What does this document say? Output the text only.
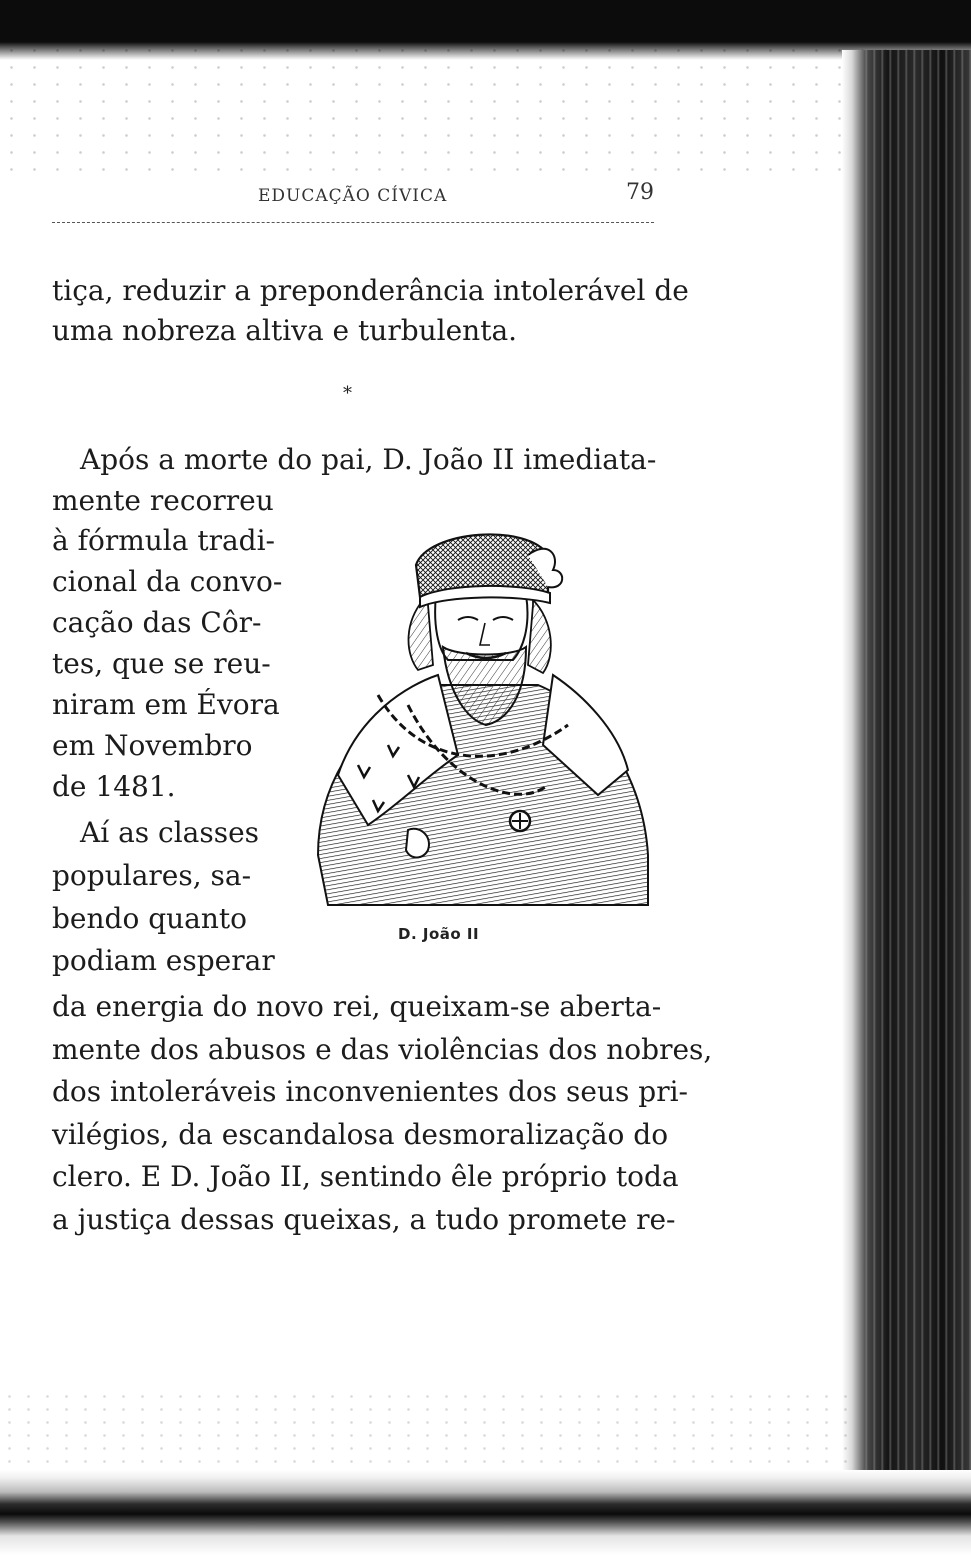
EDUCAÇÃO CÍVICA	79

tiça, reduzir a preponderância intolerável de

uma nobreza altiva e turbulenta.

*

Após a morte do pai, D. João II imediata-

mente recorreu

à fórmula tradi-

cional da convo-

cação das Côr-

tes, que se reu-

niram em Évora

em Novembro

de 1481.

Aí as classes

populares, sa-

bendo quanto

podiam esperar

da energia do novo rei, queixam-se aberta-

mente dos abusos e das violências dos nobres,

dos intoleráveis inconvenientes dos seus pri-

vilégios, da escandalosa desmoralização do

clero. E D. João II, sentindo êle próprio toda

a justiça dessas queixas, a tudo promete re-

D. João II
